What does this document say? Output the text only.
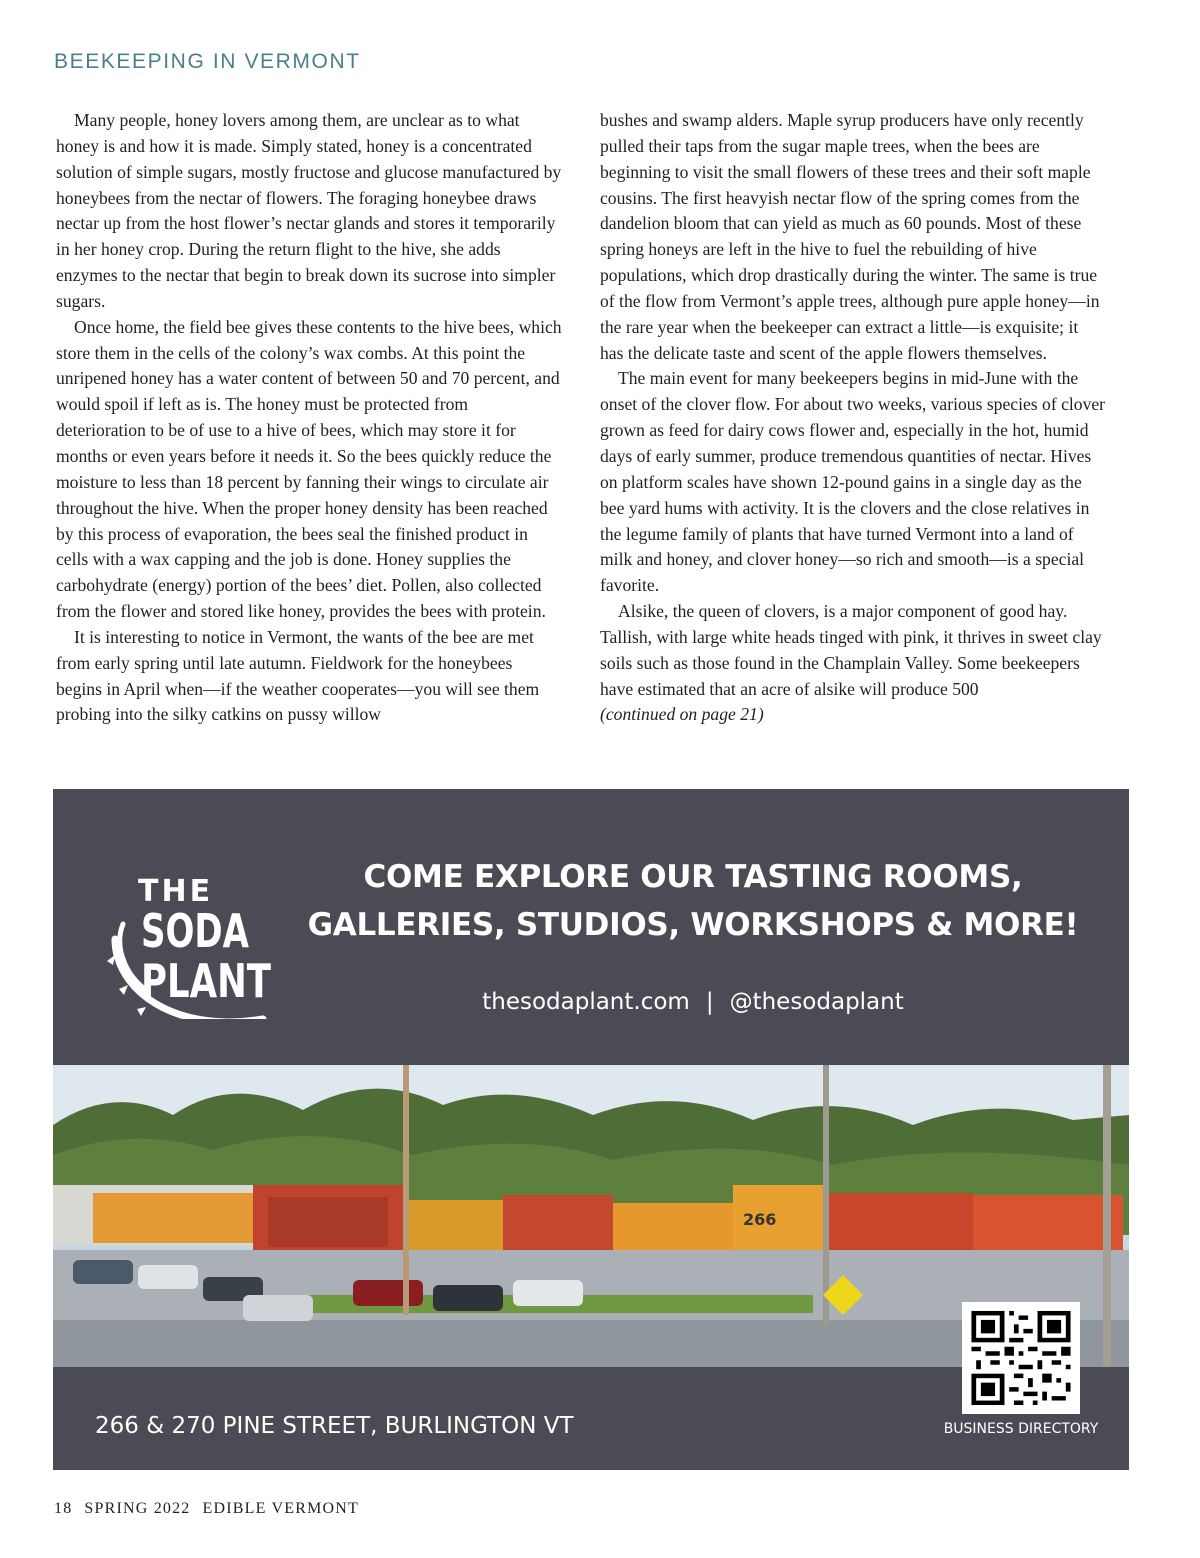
BEEKEEPING IN VERMONT

Many people, honey lovers among them, are unclear as to what honey is and how it is made. Simply stated, honey is a concentrated solution of simple sugars, mostly fructose and glucose manufactured by honeybees from the nectar of flowers. The foraging honeybee draws nectar up from the host flower’s nectar glands and stores it temporarily in her honey crop. During the return flight to the hive, she adds enzymes to the nectar that begin to break down its sucrose into simpler sugars.

Once home, the field bee gives these contents to the hive bees, which store them in the cells of the colony’s wax combs. At this point the unripened honey has a water content of between 50 and 70 percent, and would spoil if left as is. The honey must be protected from deterioration to be of use to a hive of bees, which may store it for months or even years before it needs it. So the bees quickly reduce the moisture to less than 18 percent by fanning their wings to circulate air throughout the hive. When the proper honey density has been reached by this process of evaporation, the bees seal the finished product in cells with a wax capping and the job is done. Honey supplies the carbohydrate (energy) portion of the bees’ diet. Pollen, also collected from the flower and stored like honey, provides the bees with protein.

It is interesting to notice in Vermont, the wants of the bee are met from early spring until late autumn. Fieldwork for the honeybees begins in April when—if the weather cooperates—you will see them probing into the silky catkins on pussy willow

bushes and swamp alders. Maple syrup producers have only recently pulled their taps from the sugar maple trees, when the bees are beginning to visit the small flowers of these trees and their soft maple cousins. The first heavyish nectar flow of the spring comes from the dandelion bloom that can yield as much as 60 pounds. Most of these spring honeys are left in the hive to fuel the rebuilding of hive populations, which drop drastically during the winter. The same is true of the flow from Vermont’s apple trees, although pure apple honey—in the rare year when the beekeeper can extract a little—is exquisite; it has the delicate taste and scent of the apple flowers themselves.

The main event for many beekeepers begins in mid-June with the onset of the clover flow. For about two weeks, various species of clover grown as feed for dairy cows flower and, especially in the hot, humid days of early summer, produce tremendous quantities of nectar. Hives on platform scales have shown 12-pound gains in a single day as the bee yard hums with activity. It is the clovers and the close relatives in the legume family of plants that have turned Vermont into a land of milk and honey, and clover honey—so rich and smooth—is a special favorite.

Alsike, the queen of clovers, is a major component of good hay. Tallish, with large white heads tinged with pink, it thrives in sweet clay soils such as those found in the Champlain Valley. Some beekeepers have estimated that an acre of alsike will produce 500

(continued on page 21)

THE
SODA
PLANT
COME EXPLORE OUR TASTING ROOMS,
GALLERIES, STUDIOS, WORKSHOPS & MORE!
thesodaplant.com | @thesodaplant
266
266 & 270 PINE STREET, BURLINGTON VT	BUSINESS DIRECTORY
18 SPRING 2022 EDIBLE VERMONT
